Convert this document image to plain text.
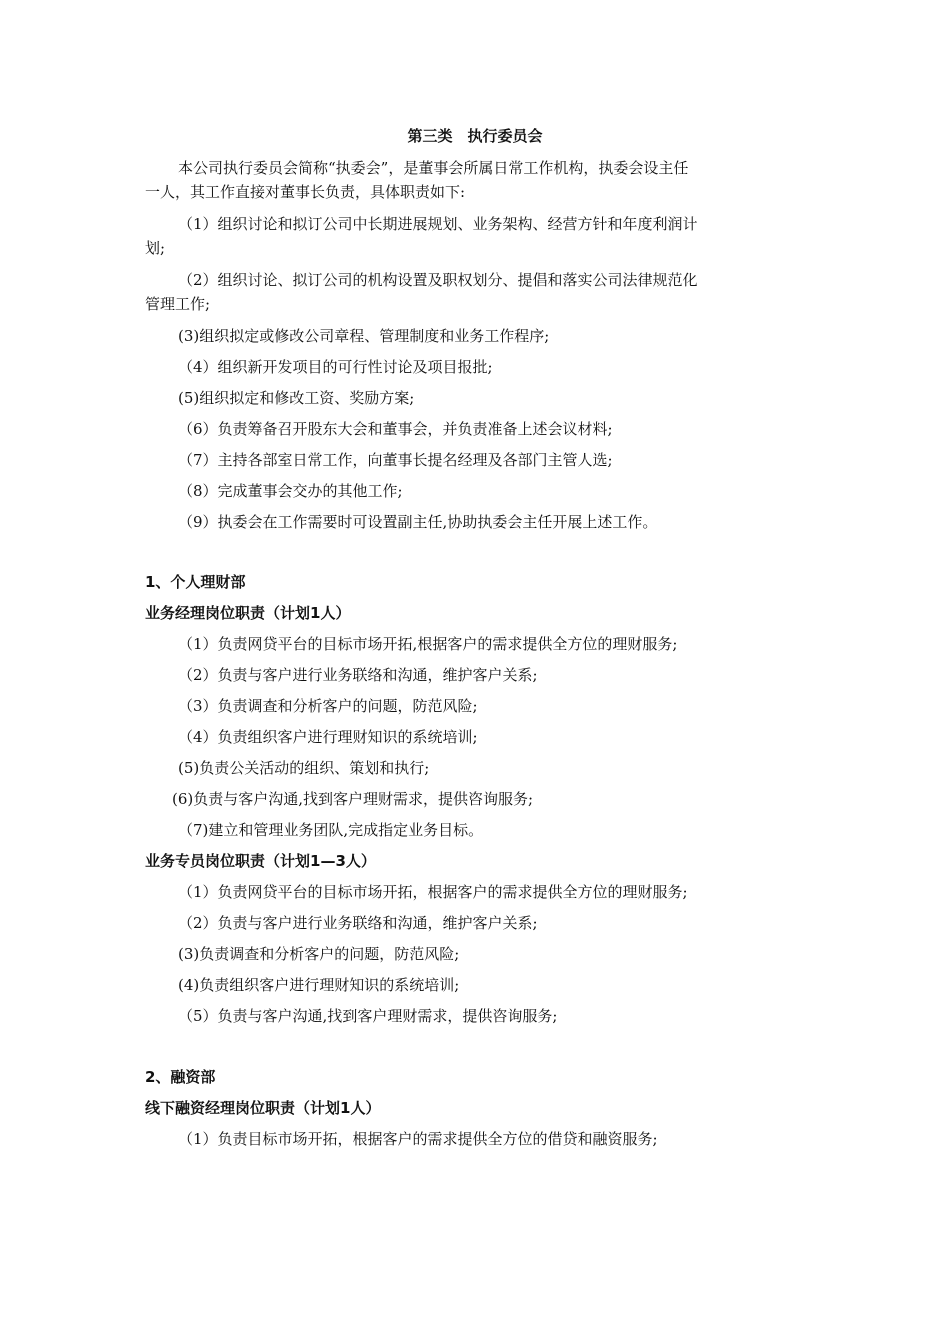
第三类　执行委员会
本公司执行委员会简称“执委会”，是董事会所属日常工作机构，执委会设主任
一人，其工作直接对董事长负责，具体职责如下:
（1）组织讨论和拟订公司中长期进展规划、业务架构、经营方针和年度利润计
划;
（2）组织讨论、拟订公司的机构设置及职权划分、提倡和落实公司法律规范化
管理工作;
(3)组织拟定或修改公司章程、管理制度和业务工作程序;
（4）组织新开发项目的可行性讨论及项目报批;
(5)组织拟定和修改工资、奖励方案;
（6）负责筹备召开股东大会和董事会，并负责准备上述会议材料;
（7）主持各部室日常工作，向董事长提名经理及各部门主管人选;
（8）完成董事会交办的其他工作;
（9）执委会在工作需要时可设置副主任,协助执委会主任开展上述工作。
1、个人理财部
业务经理岗位职责（计划1人）
（1）负责网贷平台的目标市场开拓,根据客户的需求提供全方位的理财服务;
（2）负责与客户进行业务联络和沟通，维护客户关系;
（3）负责调查和分析客户的问题，防范风险;
（4）负责组织客户进行理财知识的系统培训;
(5)负责公关活动的组织、策划和执行;
(6)负责与客户沟通,找到客户理财需求，提供咨询服务;
（7)建立和管理业务团队,完成指定业务目标。
业务专员岗位职责（计划1—3人）
（1）负责网贷平台的目标市场开拓，根据客户的需求提供全方位的理财服务;
（2）负责与客户进行业务联络和沟通，维护客户关系;
(3)负责调查和分析客户的问题，防范风险;
(4)负责组织客户进行理财知识的系统培训;
（5）负责与客户沟通,找到客户理财需求，提供咨询服务;
2、融资部
线下融资经理岗位职责（计划1人）
（1）负责目标市场开拓，根据客户的需求提供全方位的借贷和融资服务;
